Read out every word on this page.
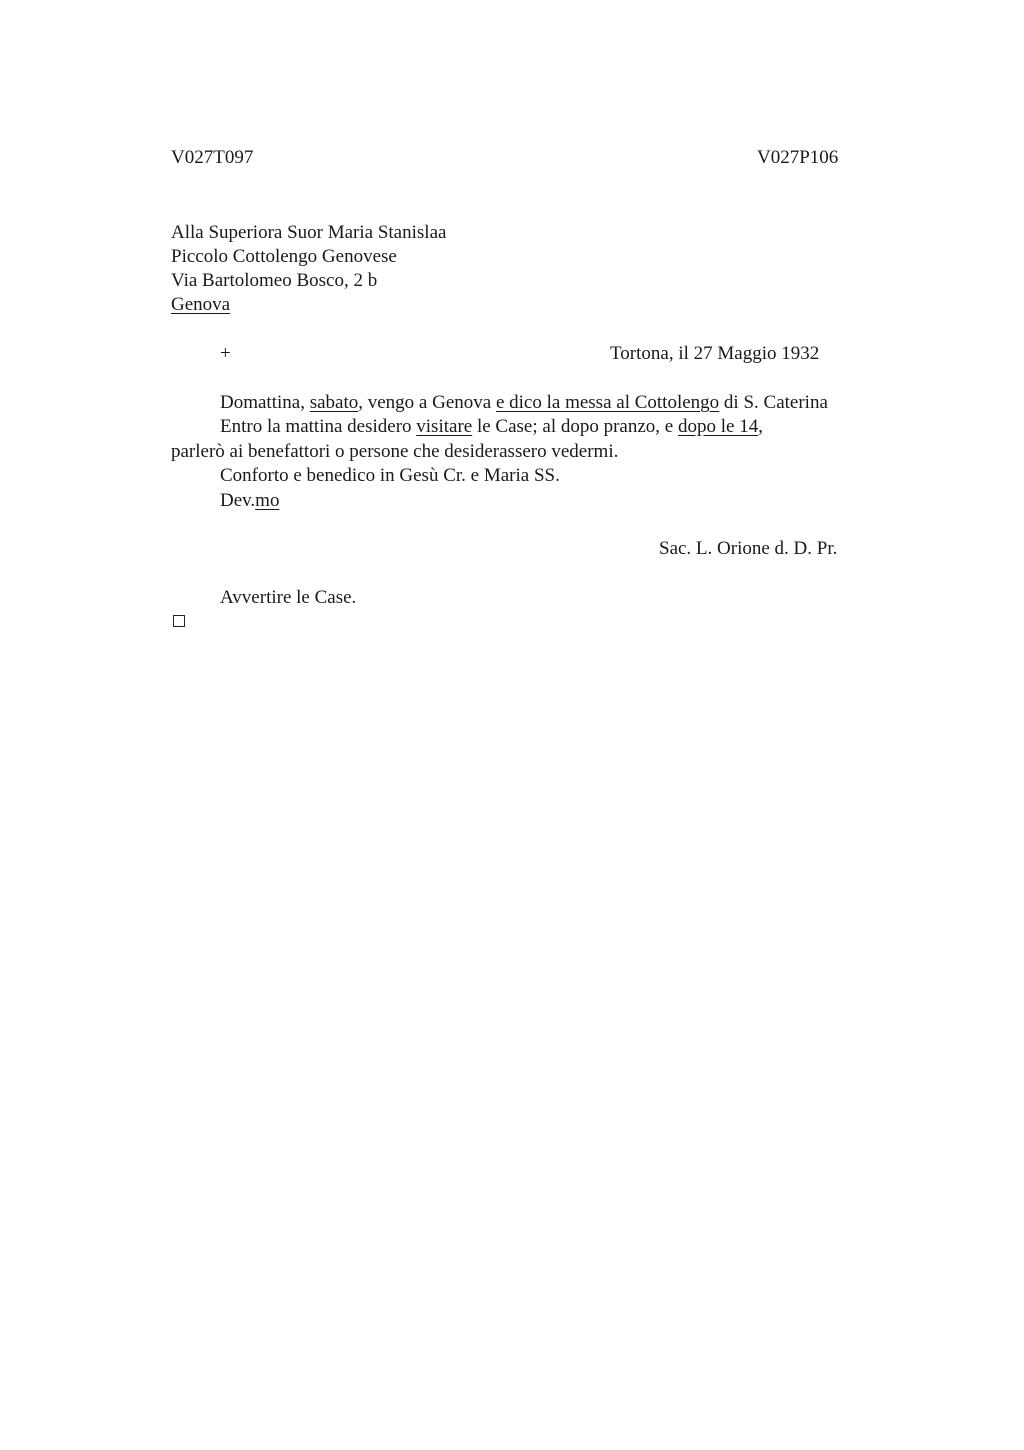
V027T097	V027P106
Alla Superiora Suor Maria Stanislaa
Piccolo Cottolengo Genovese
Via Bartolomeo Bosco, 2 b
Genova
+	Tortona, il 27 Maggio 1932
Domattina, sabato, vengo a Genova e dico la messa al Cottolengo di S. Caterina
Entro la mattina desidero visitare le Case; al dopo pranzo, e dopo le 14,
parlerò ai benefattori o persone che desiderassero vedermi.
Conforto e benedico in Gesù Cr. e Maria SS.
Dev.mo
Sac. L. Orione d. D. Pr.
Avvertire le Case.
